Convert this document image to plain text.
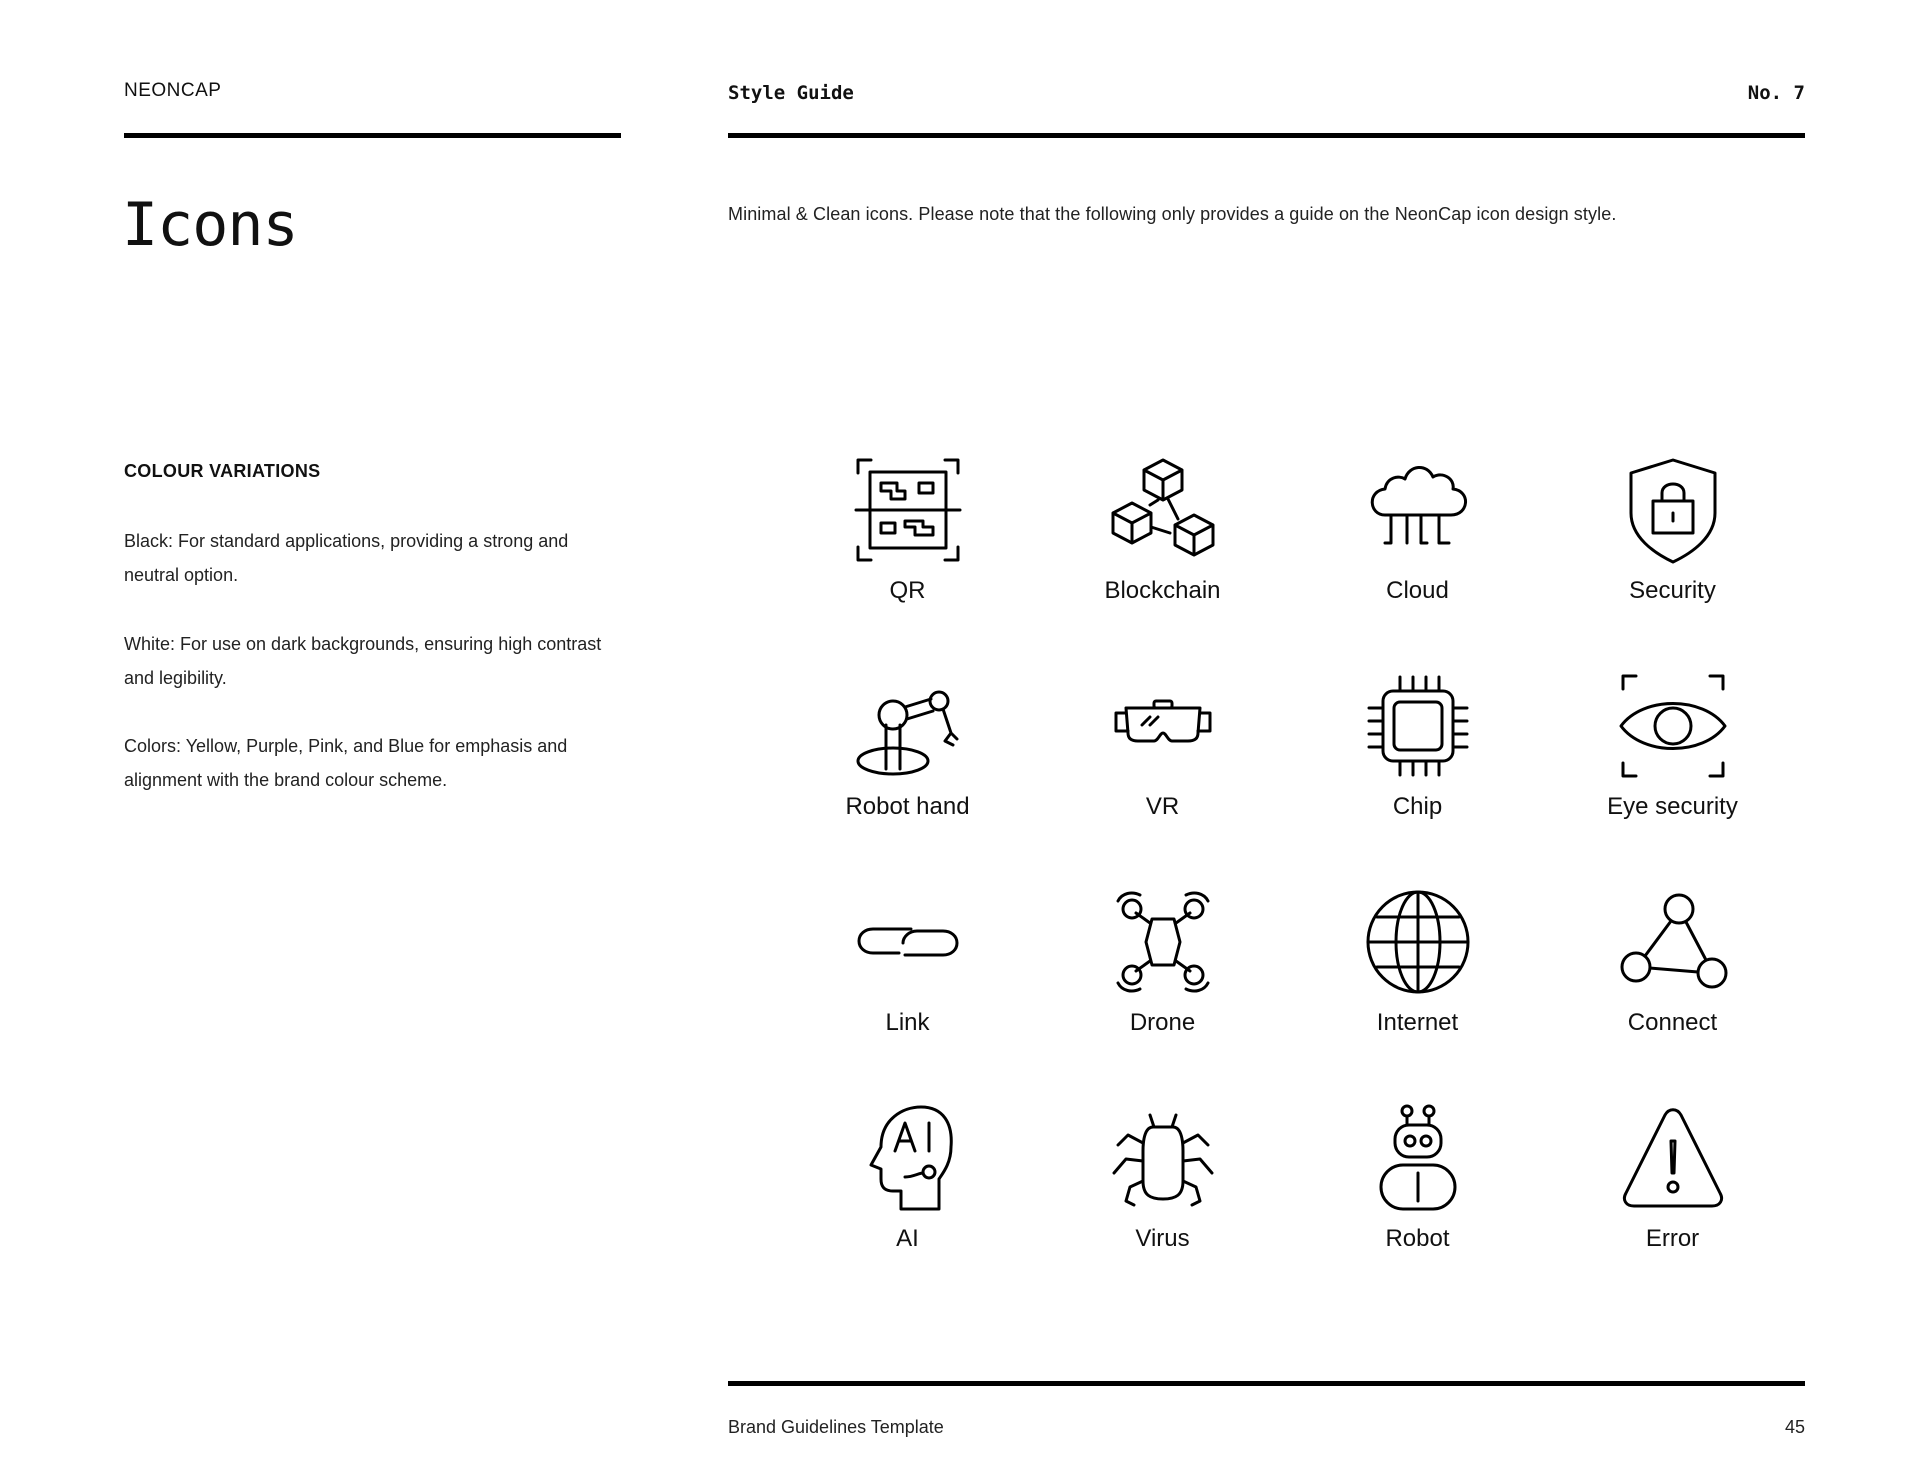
NEONCAP	Style Guide	No. 7
Icons	Minimal & Clean icons. Please note that the following only provides a guide on the NeonCap icon design style.
COLOUR VARIATIONS
Black: For standard applications, providing a strong and neutral option.
White: For use on dark backgrounds, ensuring high contrast and legibility.
Colors: Yellow, Purple, Pink, and Blue for emphasis and alignment with the brand colour scheme.
QR	Blockchain	Cloud	Security
Robot hand	VR	Chip	Eye security
Link	Drone	Internet	Connect
AI	Virus	Robot	Error
Brand Guidelines Template	45
